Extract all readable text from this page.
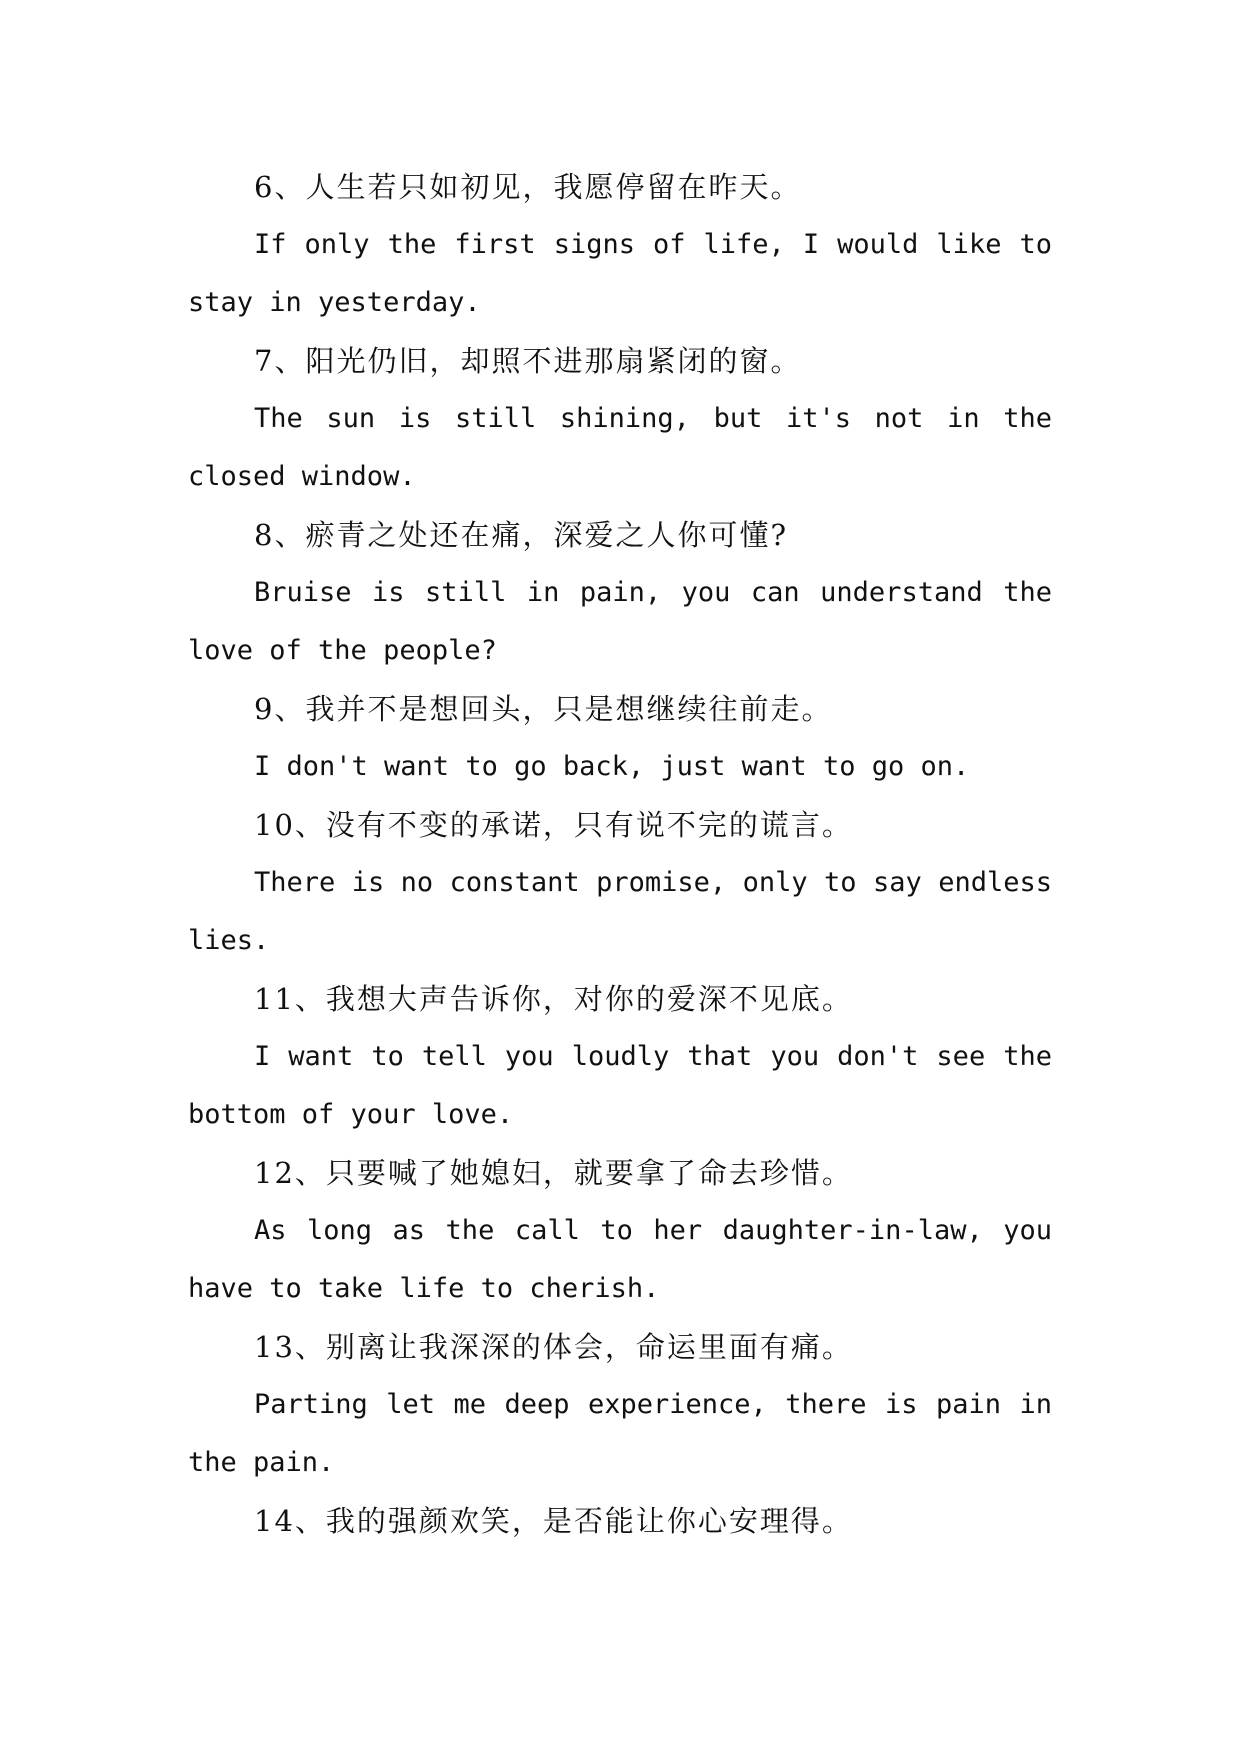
6、人生若只如初见，我愿停留在昨天。

If only the first signs of life, I would like to stay in yesterday.

7、阳光仍旧，却照不进那扇紧闭的窗。

The sun is still shining, but it's not in the closed window.

8、瘀青之处还在痛，深爱之人你可懂?

Bruise is still in pain, you can understand the love of the people?

9、我并不是想回头，只是想继续往前走。

I don't want to go back, just want to go on.

10、没有不变的承诺，只有说不完的谎言。

There is no constant promise, only to say endless lies.

11、我想大声告诉你，对你的爱深不见底。

I want to tell you loudly that you don't see the bottom of your love.

12、只要喊了她媳妇，就要拿了命去珍惜。

As long as the call to her daughter-in-law, you have to take life to cherish.

13、别离让我深深的体会，命运里面有痛。

Parting let me deep experience, there is pain in the pain.

14、我的强颜欢笑，是否能让你心安理得。
